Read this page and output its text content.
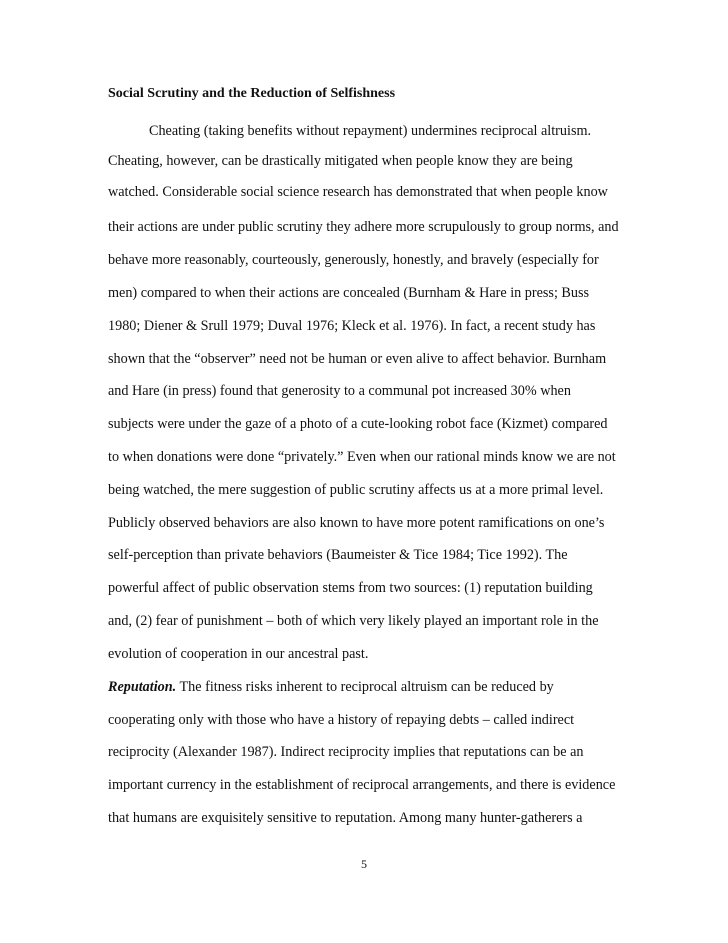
Social Scrutiny and the Reduction of Selfishness

Cheating (taking benefits without repayment) undermines reciprocal altruism.

Cheating, however, can be drastically mitigated when people know they are being

watched. Considerable social science research has demonstrated that when people know

their actions are under public scrutiny they adhere more scrupulously to group norms, and

behave more reasonably, courteously, generously, honestly, and bravely (especially for

men) compared to when their actions are concealed (Burnham & Hare in press; Buss

1980; Diener & Srull 1979; Duval 1976; Kleck et al. 1976). In fact, a recent study has

shown that the “observer” need not be human or even alive to affect behavior. Burnham

and Hare (in press) found that generosity to a communal pot increased 30% when

subjects were under the gaze of a photo of a cute-looking robot face (Kizmet) compared

to when donations were done “privately.” Even when our rational minds know we are not

being watched, the mere suggestion of public scrutiny affects us at a more primal level.

Publicly observed behaviors are also known to have more potent ramifications on one’s

self-perception than private behaviors (Baumeister & Tice 1984; Tice 1992). The

powerful affect of public observation stems from two sources: (1) reputation building

and, (2) fear of punishment – both of which very likely played an important role in the

evolution of cooperation in our ancestral past.

Reputation. The fitness risks inherent to reciprocal altruism can be reduced by

cooperating only with those who have a history of repaying debts – called indirect

reciprocity (Alexander 1987). Indirect reciprocity implies that reputations can be an

important currency in the establishment of reciprocal arrangements, and there is evidence

that humans are exquisitely sensitive to reputation. Among many hunter-gatherers a

5
